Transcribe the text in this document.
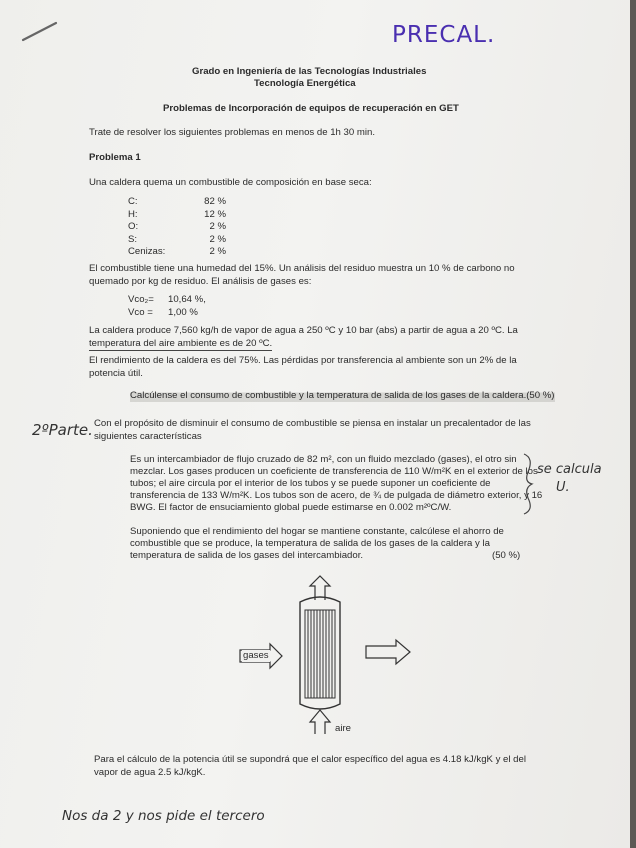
PRECAL.
Grado en Ingeniería de las Tecnologías Industriales
Tecnología Energética
Problemas de Incorporación de equipos de recuperación en GET
Trate de resolver los siguientes problemas en menos de 1h 30 min.
Problema 1
Una caldera quema un combustible de composición en base seca:
C:	82 %
H:	12 %
O:	2 %
S:	2 %
Cenizas:	2 %
El combustible tiene una humedad del 15%. Un análisis del residuo muestra un 10 % de carbono no
quemado por kg de residuo. El análisis de gases es:
Vco₂= 10,64 %,
Vco = 1,00 %
La caldera produce 7,560 kg/h de vapor de agua a 250 ºC y 10 bar (abs) a partir de agua a 20 ºC. La
temperatura del aire ambiente es de 20 ºC.
El rendimiento de la caldera es del 75%. Las pérdidas por transferencia al ambiente son un 2% de la
potencia útil.
Calcúlense el consumo de combustible y la temperatura de salida de los gases de la caldera.(50 %)
2ºParte. Con el propósito de disminuir el consumo de combustible se piensa en instalar un precalentador de las
siguientes características
Es un intercambiador de flujo cruzado de 82 m², con un fluido mezclado (gases), el otro sin
mezclar. Los gases producen un coeficiente de transferencia de 110 W/m²K en el exterior de los
tubos; el aire circula por el interior de los tubos y se puede suponer un coeficiente de
transferencia de 133 W/m²K. Los tubos son de acero, de ¾ de pulgada de diámetro exterior, y 16
BWG. El factor de ensuciamiento global puede estimarse en 0.002 m²ºC/W.
se calcula
U.
Suponiendo que el rendimiento del hogar se mantiene constante, calcúlese el ahorro de
combustible que se produce, la temperatura de salida de los gases de la caldera y la
temperatura de salida de los gases del intercambiador.	(50 %)
gases
aire
Para el cálculo de la potencia útil se supondrá que el calor específico del agua es 4.18 kJ/kgK y el del
vapor de agua 2.5 kJ/kgK.
Nos da 2 y nos pide el tercero
